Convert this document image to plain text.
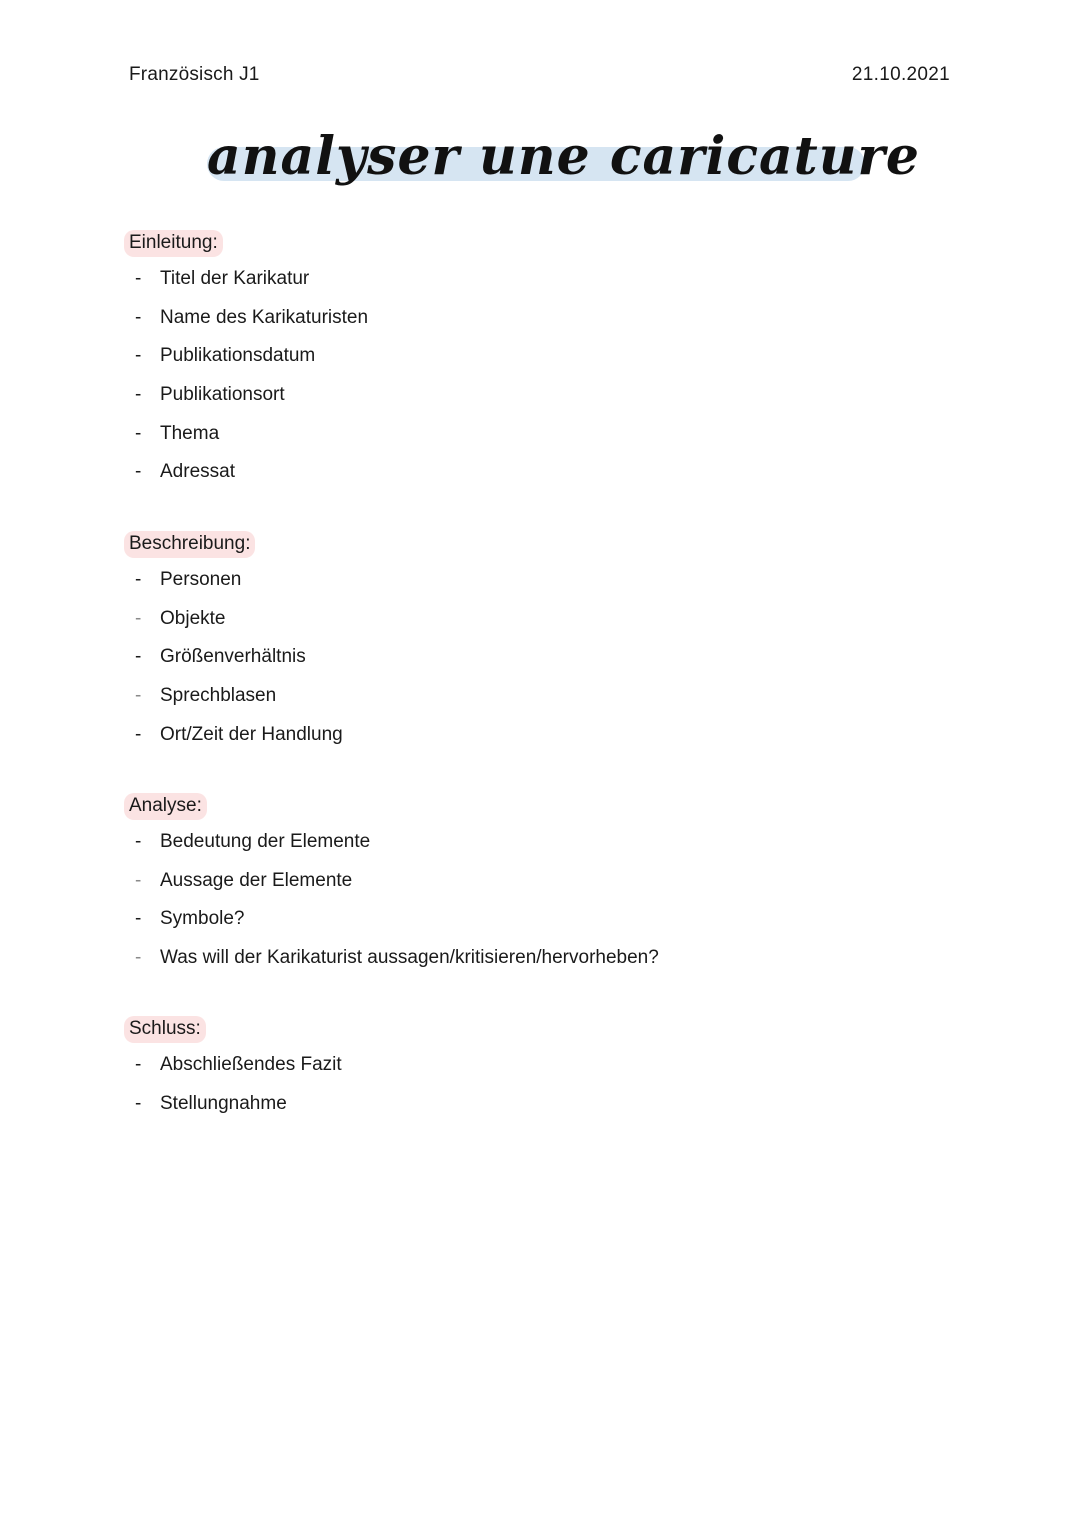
Französisch J1	21.10.2021
analyser une caricature
Einleitung:
- Titel der Karikatur
- Name des Karikaturisten
- Publikationsdatum
- Publikationsort
- Thema
- Adressat
Beschreibung:
- Personen
- Objekte
- Größenverhältnis
- Sprechblasen
- Ort/Zeit der Handlung
Analyse:
- Bedeutung der Elemente
- Aussage der Elemente
- Symbole?
- Was will der Karikaturist aussagen/kritisieren/hervorheben?
Schluss:
- Abschließendes Fazit
- Stellungnahme
